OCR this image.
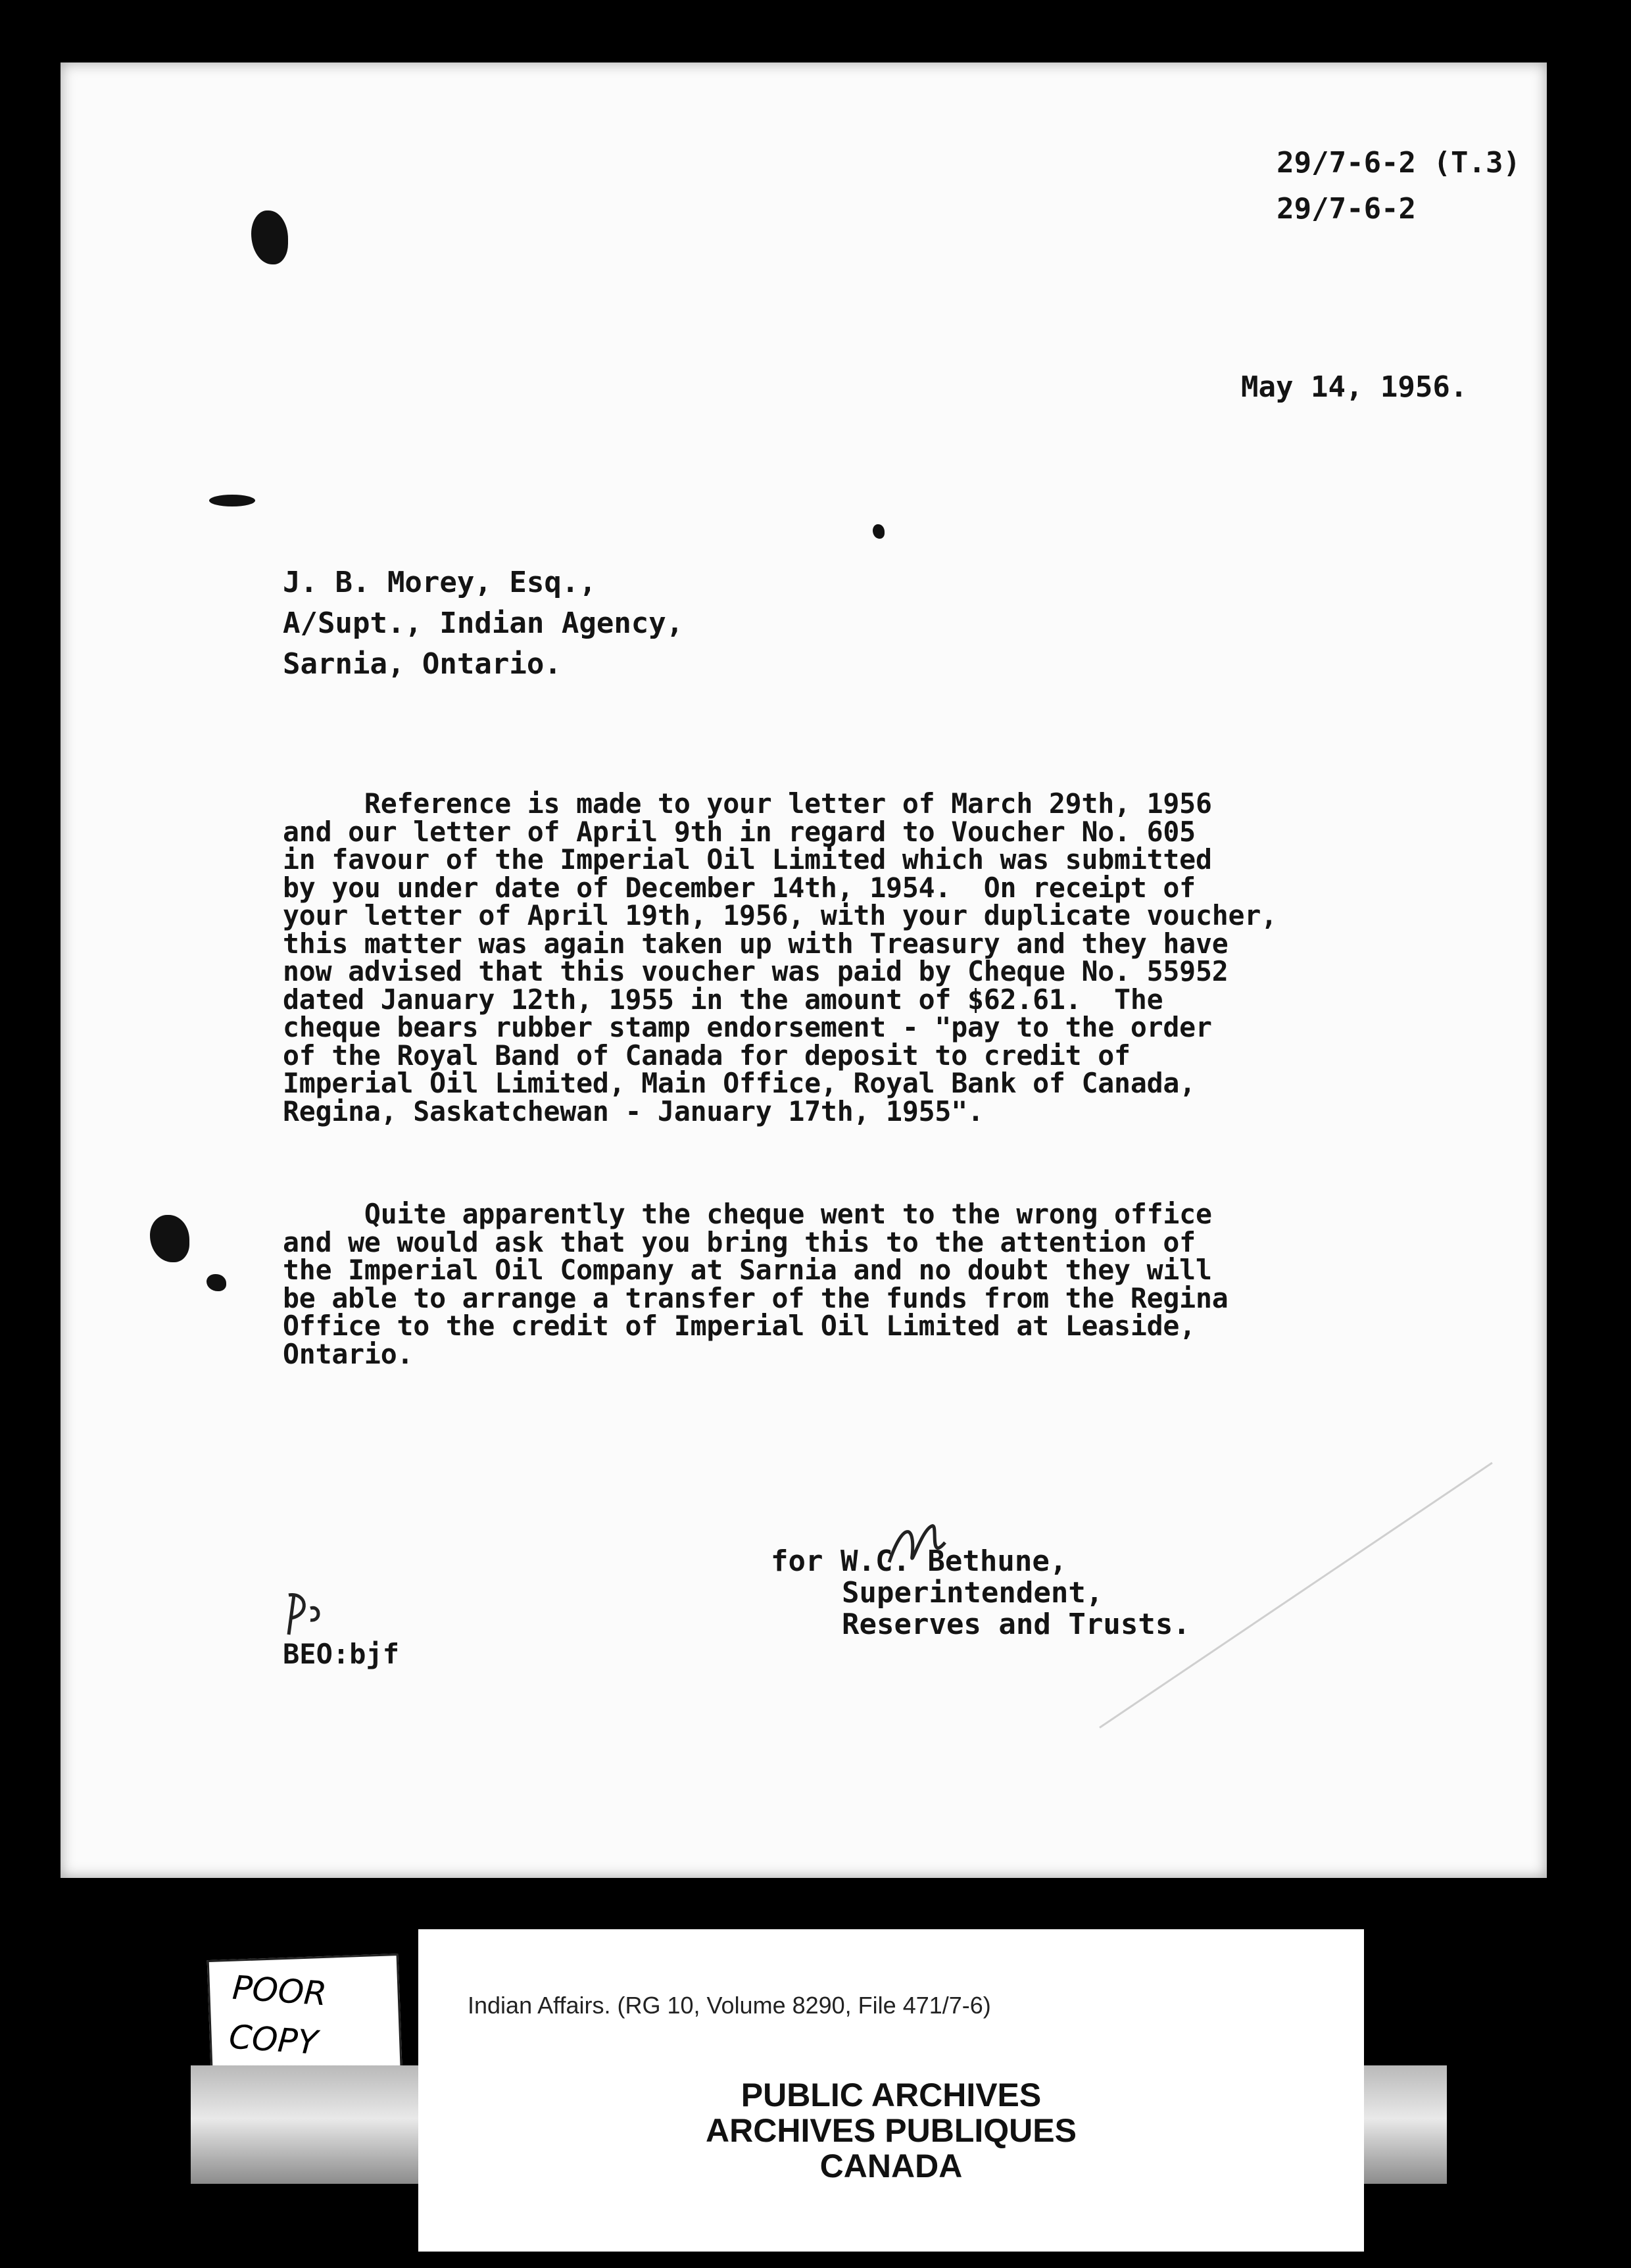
29/7-6-2 (T.3)
29/7-6-2
May 14, 1956.
J. B. Morey, Esq.,
A/Supt., Indian Agency,
Sarnia, Ontario.
Reference is made to your letter of March 29th, 1956
and our letter of April 9th in regard to Voucher No. 605
in favour of the Imperial Oil Limited which was submitted
by you under date of December 14th, 1954.  On receipt of
your letter of April 19th, 1956, with your duplicate voucher,
this matter was again taken up with Treasury and they have
now advised that this voucher was paid by Cheque No. 55952
dated January 12th, 1955 in the amount of $62.61.  The
cheque bears rubber stamp endorsement - "pay to the order
of the Royal Band of Canada for deposit to credit of
Imperial Oil Limited, Main Office, Royal Bank of Canada,
Regina, Saskatchewan - January 17th, 1955".
Quite apparently the cheque went to the wrong office
and we would ask that you bring this to the attention of
the Imperial Oil Company at Sarnia and no doubt they will
be able to arrange a transfer of the funds from the Regina
Office to the credit of Imperial Oil Limited at Leaside,
Ontario.
for W.C. Bethune,
Superintendent,
Reserves and Trusts.
BEO:bjf
POOR
COPY
Indian Affairs. (RG 10, Volume 8290, File 471/7-6)
PUBLIC ARCHIVES
ARCHIVES PUBLIQUES
CANADA
